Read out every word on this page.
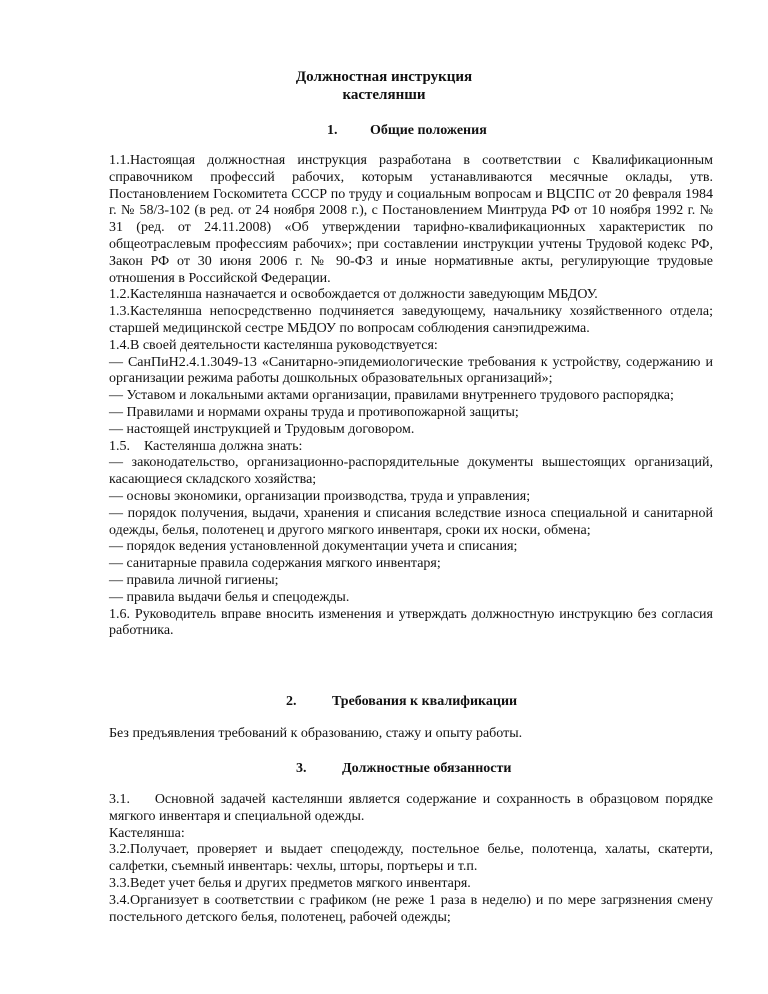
Должностная инструкция
кастелянши
1. Общие положения

1.1.Настоящая должностная инструкция разработана в соответствии с Квалификационным справочником профессий рабочих, которым устанавливаются месячные оклады, утв. Постановлением Госкомитета СССР по труду и социальным вопросам и ВЦСПС от 20 февраля 1984 г. № 58/3-102 (в ред. от 24 ноября 2008 г.), с Постановлением Минтруда РФ от 10 ноября 1992 г. № 31 (ред. от 24.11.2008) «Об утверждении тарифно-квалификационных характеристик по общеотраслевым профессиям рабочих»; при составлении инструкции учтены Трудовой кодекс РФ, Закон РФ от 30 июня 2006 г. № 90-ФЗ и иные нормативные акты, регулирующие трудовые отношения в Российской Федерации.

1.2.Кастелянша назначается и освобождается от должности заведующим МБДОУ.

1.3.Кастелянша непосредственно подчиняется заведующему, начальнику хозяйственного отдела; старшей медицинской сестре МБДОУ по вопросам соблюдения санэпидрежима.

1.4.В своей деятельности кастелянша руководствуется:

— СанПиН2.4.1.3049-13 «Санитарно-эпидемиологические требования к устройству, содержанию и организации режима работы дошкольных образовательных организаций»;

— Уставом и локальными актами организации, правилами внутреннего трудового распорядка;

— Правилами и нормами охраны труда и противопожарной защиты;

— настоящей инструкцией и Трудовым договором.

1.5.    Кастелянша должна знать:

— законодательство, организационно-распорядительные документы вышестоящих организаций, касающиеся складского хозяйства;

— основы экономики, организации производства, труда и управления;

— порядок получения, выдачи, хранения и списания вследствие износа специальной и санитарной одежды, белья, полотенец и другого мягкого инвентаря, сроки их носки, обмена;

— порядок ведения установленной документации учета и списания;

— санитарные правила содержания мягкого инвентаря;

— правила личной гигиены;

— правила выдачи белья и спецодежды.

1.6. Руководитель вправе вносить изменения и утверждать должностную инструкцию без согласия работника.

2.	Требования к квалификации

Без предъявления требований к образованию, стажу и опыту работы.

3.	Должностные обязанности

3.1.    Основной задачей кастелянши является содержание и сохранность в образцовом порядке мягкого инвентаря и специальной одежды.

Кастелянша:

3.2.Получает, проверяет и выдает спецодежду, постельное белье, полотенца, халаты, скатерти, салфетки, съемный инвентарь: чехлы, шторы, портьеры и т.п.

3.3.Ведет учет белья и других предметов мягкого инвентаря.

3.4.Организует в соответствии с графиком (не реже 1 раза в неделю) и по мере загрязнения смену постельного детского белья, полотенец, рабочей одежды;
